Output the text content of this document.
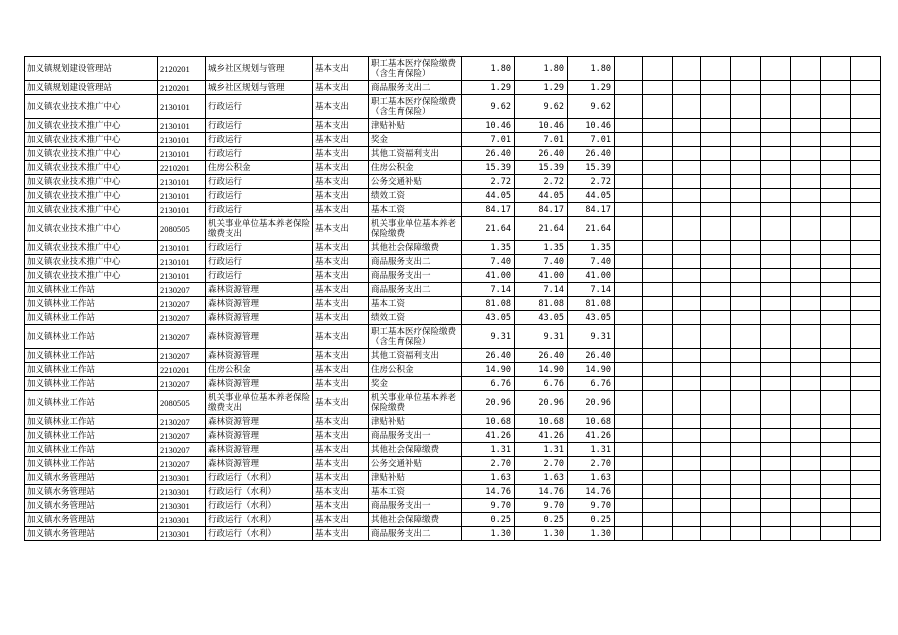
加义镇规划建设管理站	2120201	城乡社区规划与管理	基本支出	职工基本医疗保险缴费（含生育保险）	1.80	1.80	1.80									
加义镇规划建设管理站	2120201	城乡社区规划与管理	基本支出	商品服务支出二	1.29	1.29	1.29									
加义镇农业技术推广中心	2130101	行政运行	基本支出	职工基本医疗保险缴费（含生育保险）	9.62	9.62	9.62									
加义镇农业技术推广中心	2130101	行政运行	基本支出	津贴补贴	10.46	10.46	10.46									
加义镇农业技术推广中心	2130101	行政运行	基本支出	奖金	7.01	7.01	7.01									
加义镇农业技术推广中心	2130101	行政运行	基本支出	其他工资福利支出	26.40	26.40	26.40									
加义镇农业技术推广中心	2210201	住房公积金	基本支出	住房公积金	15.39	15.39	15.39									
加义镇农业技术推广中心	2130101	行政运行	基本支出	公务交通补贴	2.72	2.72	2.72									
加义镇农业技术推广中心	2130101	行政运行	基本支出	绩效工资	44.05	44.05	44.05									
加义镇农业技术推广中心	2130101	行政运行	基本支出	基本工资	84.17	84.17	84.17									
加义镇农业技术推广中心	2080505	机关事业单位基本养老保险缴费支出	基本支出	机关事业单位基本养老保险缴费	21.64	21.64	21.64									
加义镇农业技术推广中心	2130101	行政运行	基本支出	其他社会保障缴费	1.35	1.35	1.35									
加义镇农业技术推广中心	2130101	行政运行	基本支出	商品服务支出二	7.40	7.40	7.40									
加义镇农业技术推广中心	2130101	行政运行	基本支出	商品服务支出一	41.00	41.00	41.00									
加义镇林业工作站	2130207	森林资源管理	基本支出	商品服务支出二	7.14	7.14	7.14									
加义镇林业工作站	2130207	森林资源管理	基本支出	基本工资	81.08	81.08	81.08									
加义镇林业工作站	2130207	森林资源管理	基本支出	绩效工资	43.05	43.05	43.05									
加义镇林业工作站	2130207	森林资源管理	基本支出	职工基本医疗保险缴费（含生育保险）	9.31	9.31	9.31									
加义镇林业工作站	2130207	森林资源管理	基本支出	其他工资福利支出	26.40	26.40	26.40									
加义镇林业工作站	2210201	住房公积金	基本支出	住房公积金	14.90	14.90	14.90									
加义镇林业工作站	2130207	森林资源管理	基本支出	奖金	6.76	6.76	6.76									
加义镇林业工作站	2080505	机关事业单位基本养老保险缴费支出	基本支出	机关事业单位基本养老保险缴费	20.96	20.96	20.96									
加义镇林业工作站	2130207	森林资源管理	基本支出	津贴补贴	10.68	10.68	10.68									
加义镇林业工作站	2130207	森林资源管理	基本支出	商品服务支出一	41.26	41.26	41.26									
加义镇林业工作站	2130207	森林资源管理	基本支出	其他社会保障缴费	1.31	1.31	1.31									
加义镇林业工作站	2130207	森林资源管理	基本支出	公务交通补贴	2.70	2.70	2.70									
加义镇水务管理站	2130301	行政运行（水利）	基本支出	津贴补贴	1.63	1.63	1.63									
加义镇水务管理站	2130301	行政运行（水利）	基本支出	基本工资	14.76	14.76	14.76									
加义镇水务管理站	2130301	行政运行（水利）	基本支出	商品服务支出一	9.70	9.70	9.70									
加义镇水务管理站	2130301	行政运行（水利）	基本支出	其他社会保障缴费	0.25	0.25	0.25									
加义镇水务管理站	2130301	行政运行（水利）	基本支出	商品服务支出二	1.30	1.30	1.30									
